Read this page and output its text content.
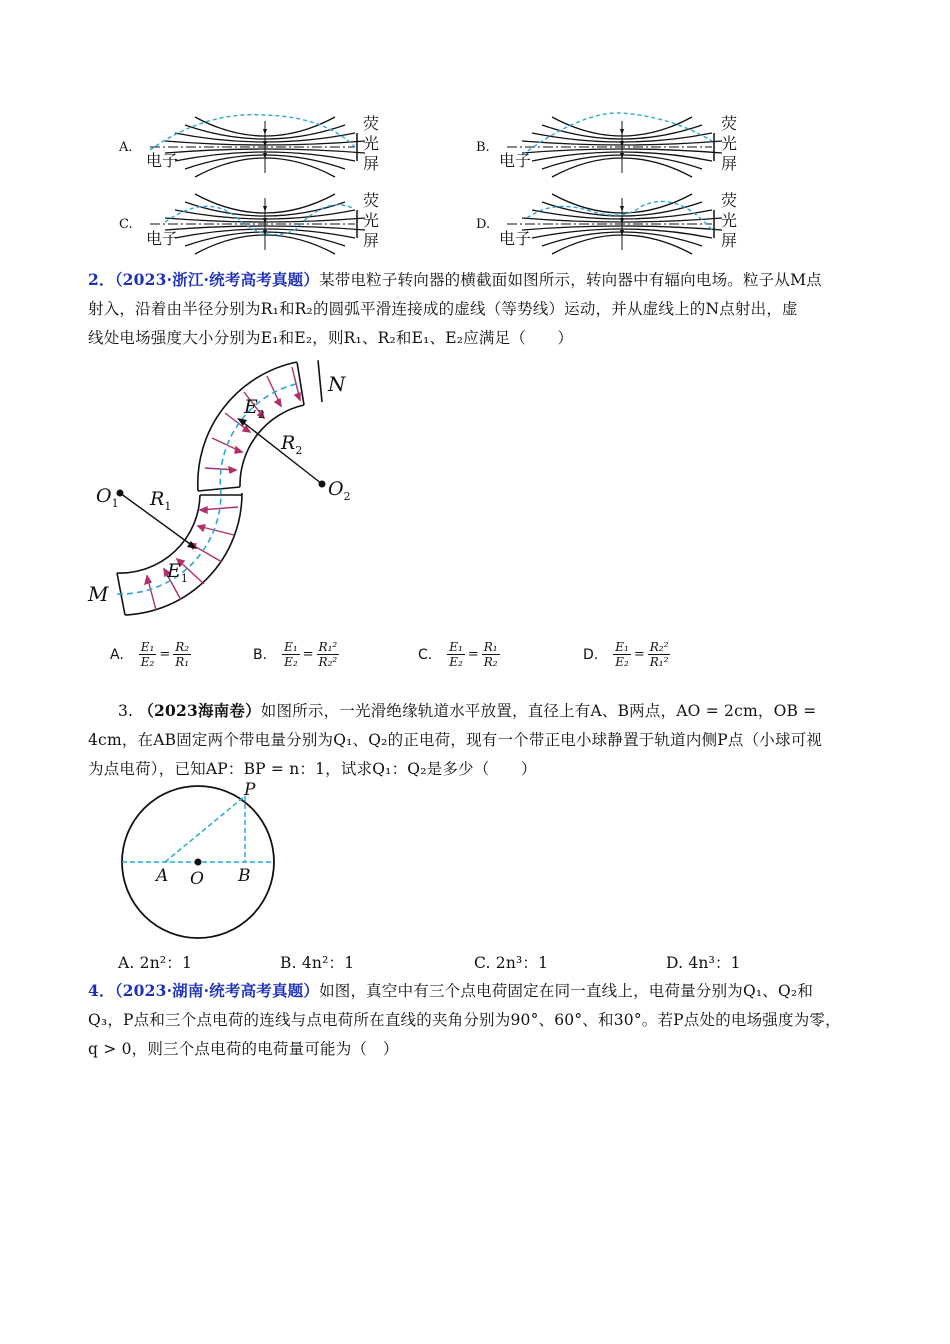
A.
电子
荧
光
屏
B.
电子
荧
光
屏
C.
电子
荧
光
屏
D.
电子
荧
光
屏
2．（2023·浙江·统考高考真题）某带电粒子转向器的横截面如图所示，转向器中有辐向电场。粒子从M点
射入，沿着由半径分别为R₁和R₂的圆弧平滑连接成的虚线（等势线）运动，并从虚线上的N点射出，虚
线处电场强度大小分别为E₁和E₂，则R₁、R₂和E₁、E₂应满足（　　）
$O_1$
$O_2$
$R_1$
$R_2$
$E_1$
$E_2$
M
N
A. $\frac{\text{E₁}}{\text{E₂}} = \frac{\text{R₂}}{\text{R₁}}$	B. $\frac{\text{E₁}}{\text{E₂}} = \frac{\text{R₁²}}{\text{R₂²}}$	C. $\frac{\text{E₁}}{\text{E₂}} = \frac{\text{R₁}}{\text{R₂}}$	D. $\frac{\text{E₁}}{\text{E₂}} = \frac{\text{R₂²}}{\text{R₁²}}$
3. （2023海南卷）如图所示，一光滑绝缘轨道水平放置，直径上有A、B两点，AO = 2cm，OB =
4cm，在AB固定两个带电量分别为Q₁、Q₂的正电荷，现有一个带正电小球静置于轨道内侧P点（小球可视
为点电荷），已知AP：BP = n：1，试求Q₁：Q₂是多少（　　）
P
A O B
A. 2n²：1	B. 4n²：1	C. 2n³：1	D. 4n³：1
4．（2023·湖南·统考高考真题）如图，真空中有三个点电荷固定在同一直线上，电荷量分别为Q₁、Q₂和
Q₃，P点和三个点电荷的连线与点电荷所在直线的夹角分别为90°、60°、和30°。若P点处的电场强度为零，
q > 0，则三个点电荷的电荷量可能为（　）
